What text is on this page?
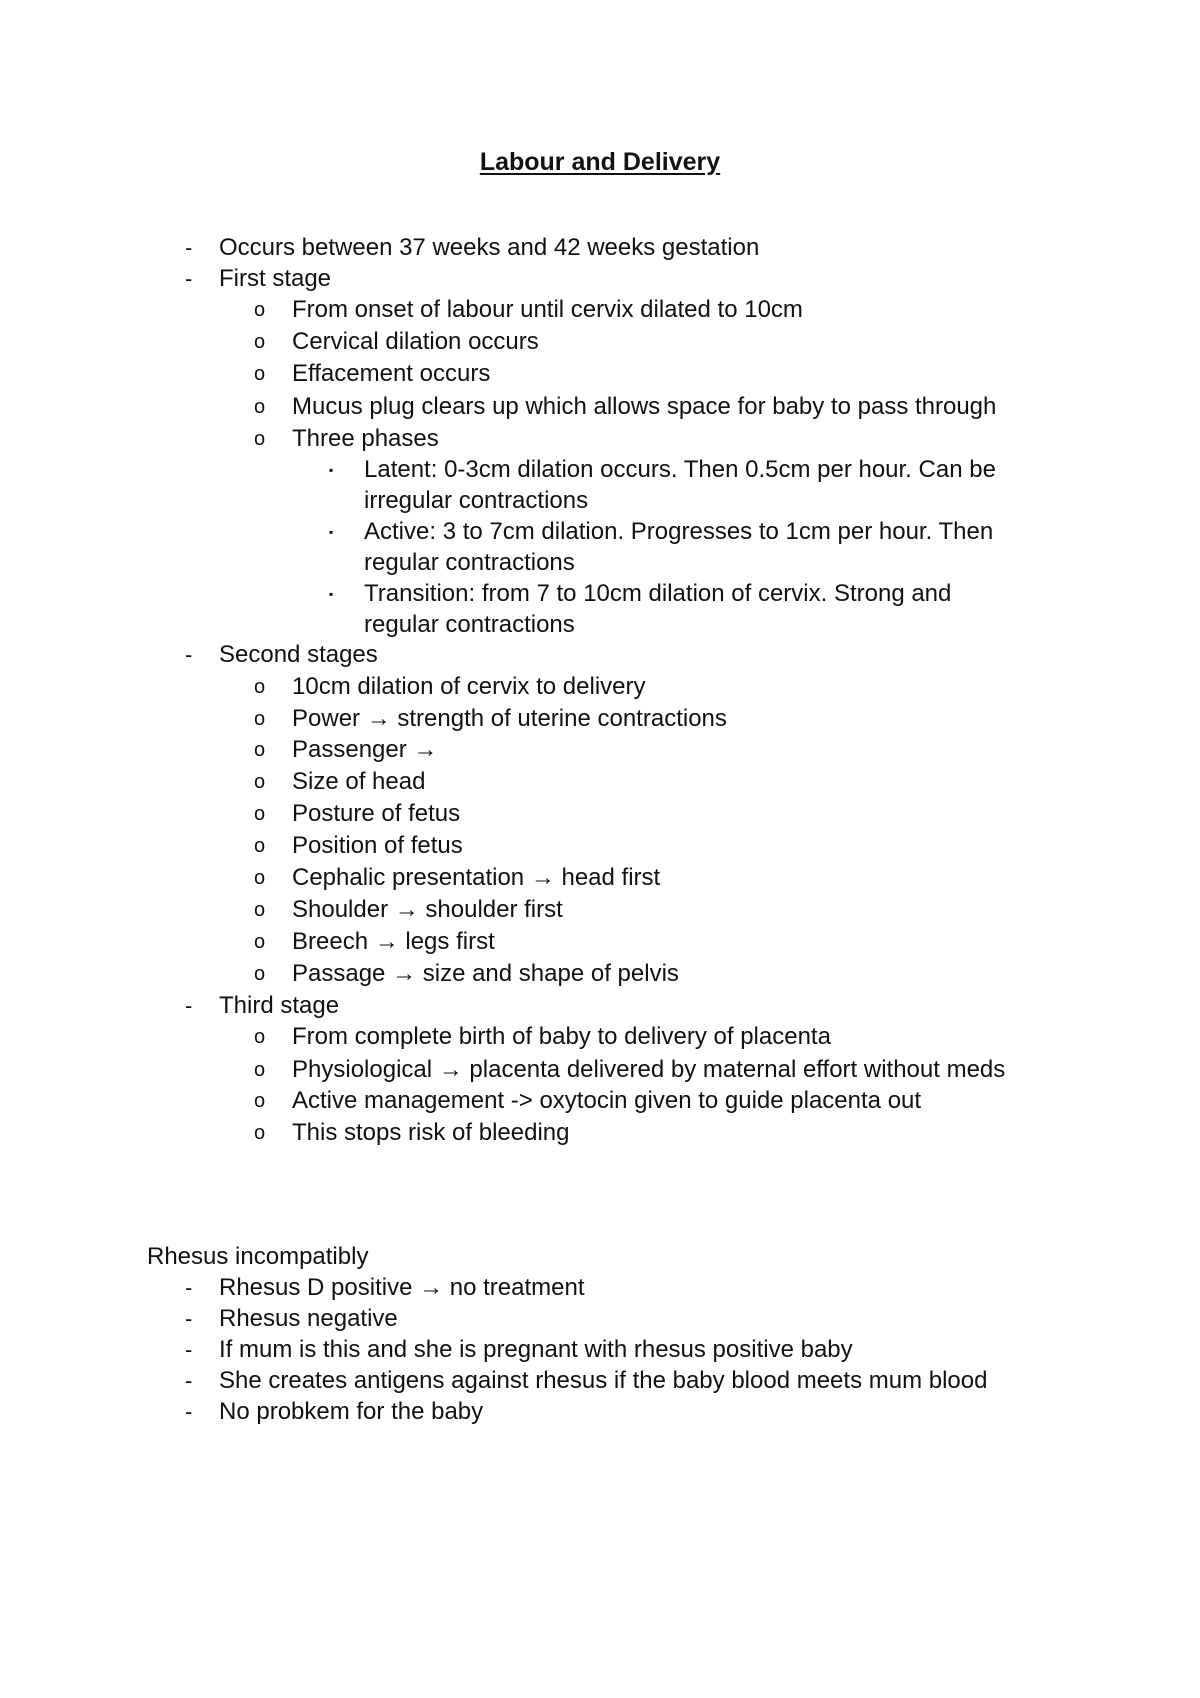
Labour and Delivery
- Occurs between 37 weeks and 42 weeks gestation
- First stage
o From onset of labour until cervix dilated to 10cm
o Cervical dilation occurs
o Effacement occurs
o Mucus plug clears up which allows space for baby to pass through
o Three phases
▪ Latent: 0-3cm dilation occurs. Then 0.5cm per hour. Can be
irregular contractions
▪ Active: 3 to 7cm dilation. Progresses to 1cm per hour. Then
regular contractions
▪ Transition: from 7 to 10cm dilation of cervix. Strong and
regular contractions
- Second stages
o 10cm dilation of cervix to delivery
o Power → strength of uterine contractions
o Passenger →
o Size of head
o Posture of fetus
o Position of fetus
o Cephalic presentation → head first
o Shoulder → shoulder first
o Breech → legs first
o Passage → size and shape of pelvis
- Third stage
o From complete birth of baby to delivery of placenta
o Physiological → placenta delivered by maternal effort without meds
o Active management -> oxytocin given to guide placenta out
o This stops risk of bleeding
Rhesus incompatibly
- Rhesus D positive → no treatment
- Rhesus negative
- If mum is this and she is pregnant with rhesus positive baby
- She creates antigens against rhesus if the baby blood meets mum blood
- No probkem for the baby
